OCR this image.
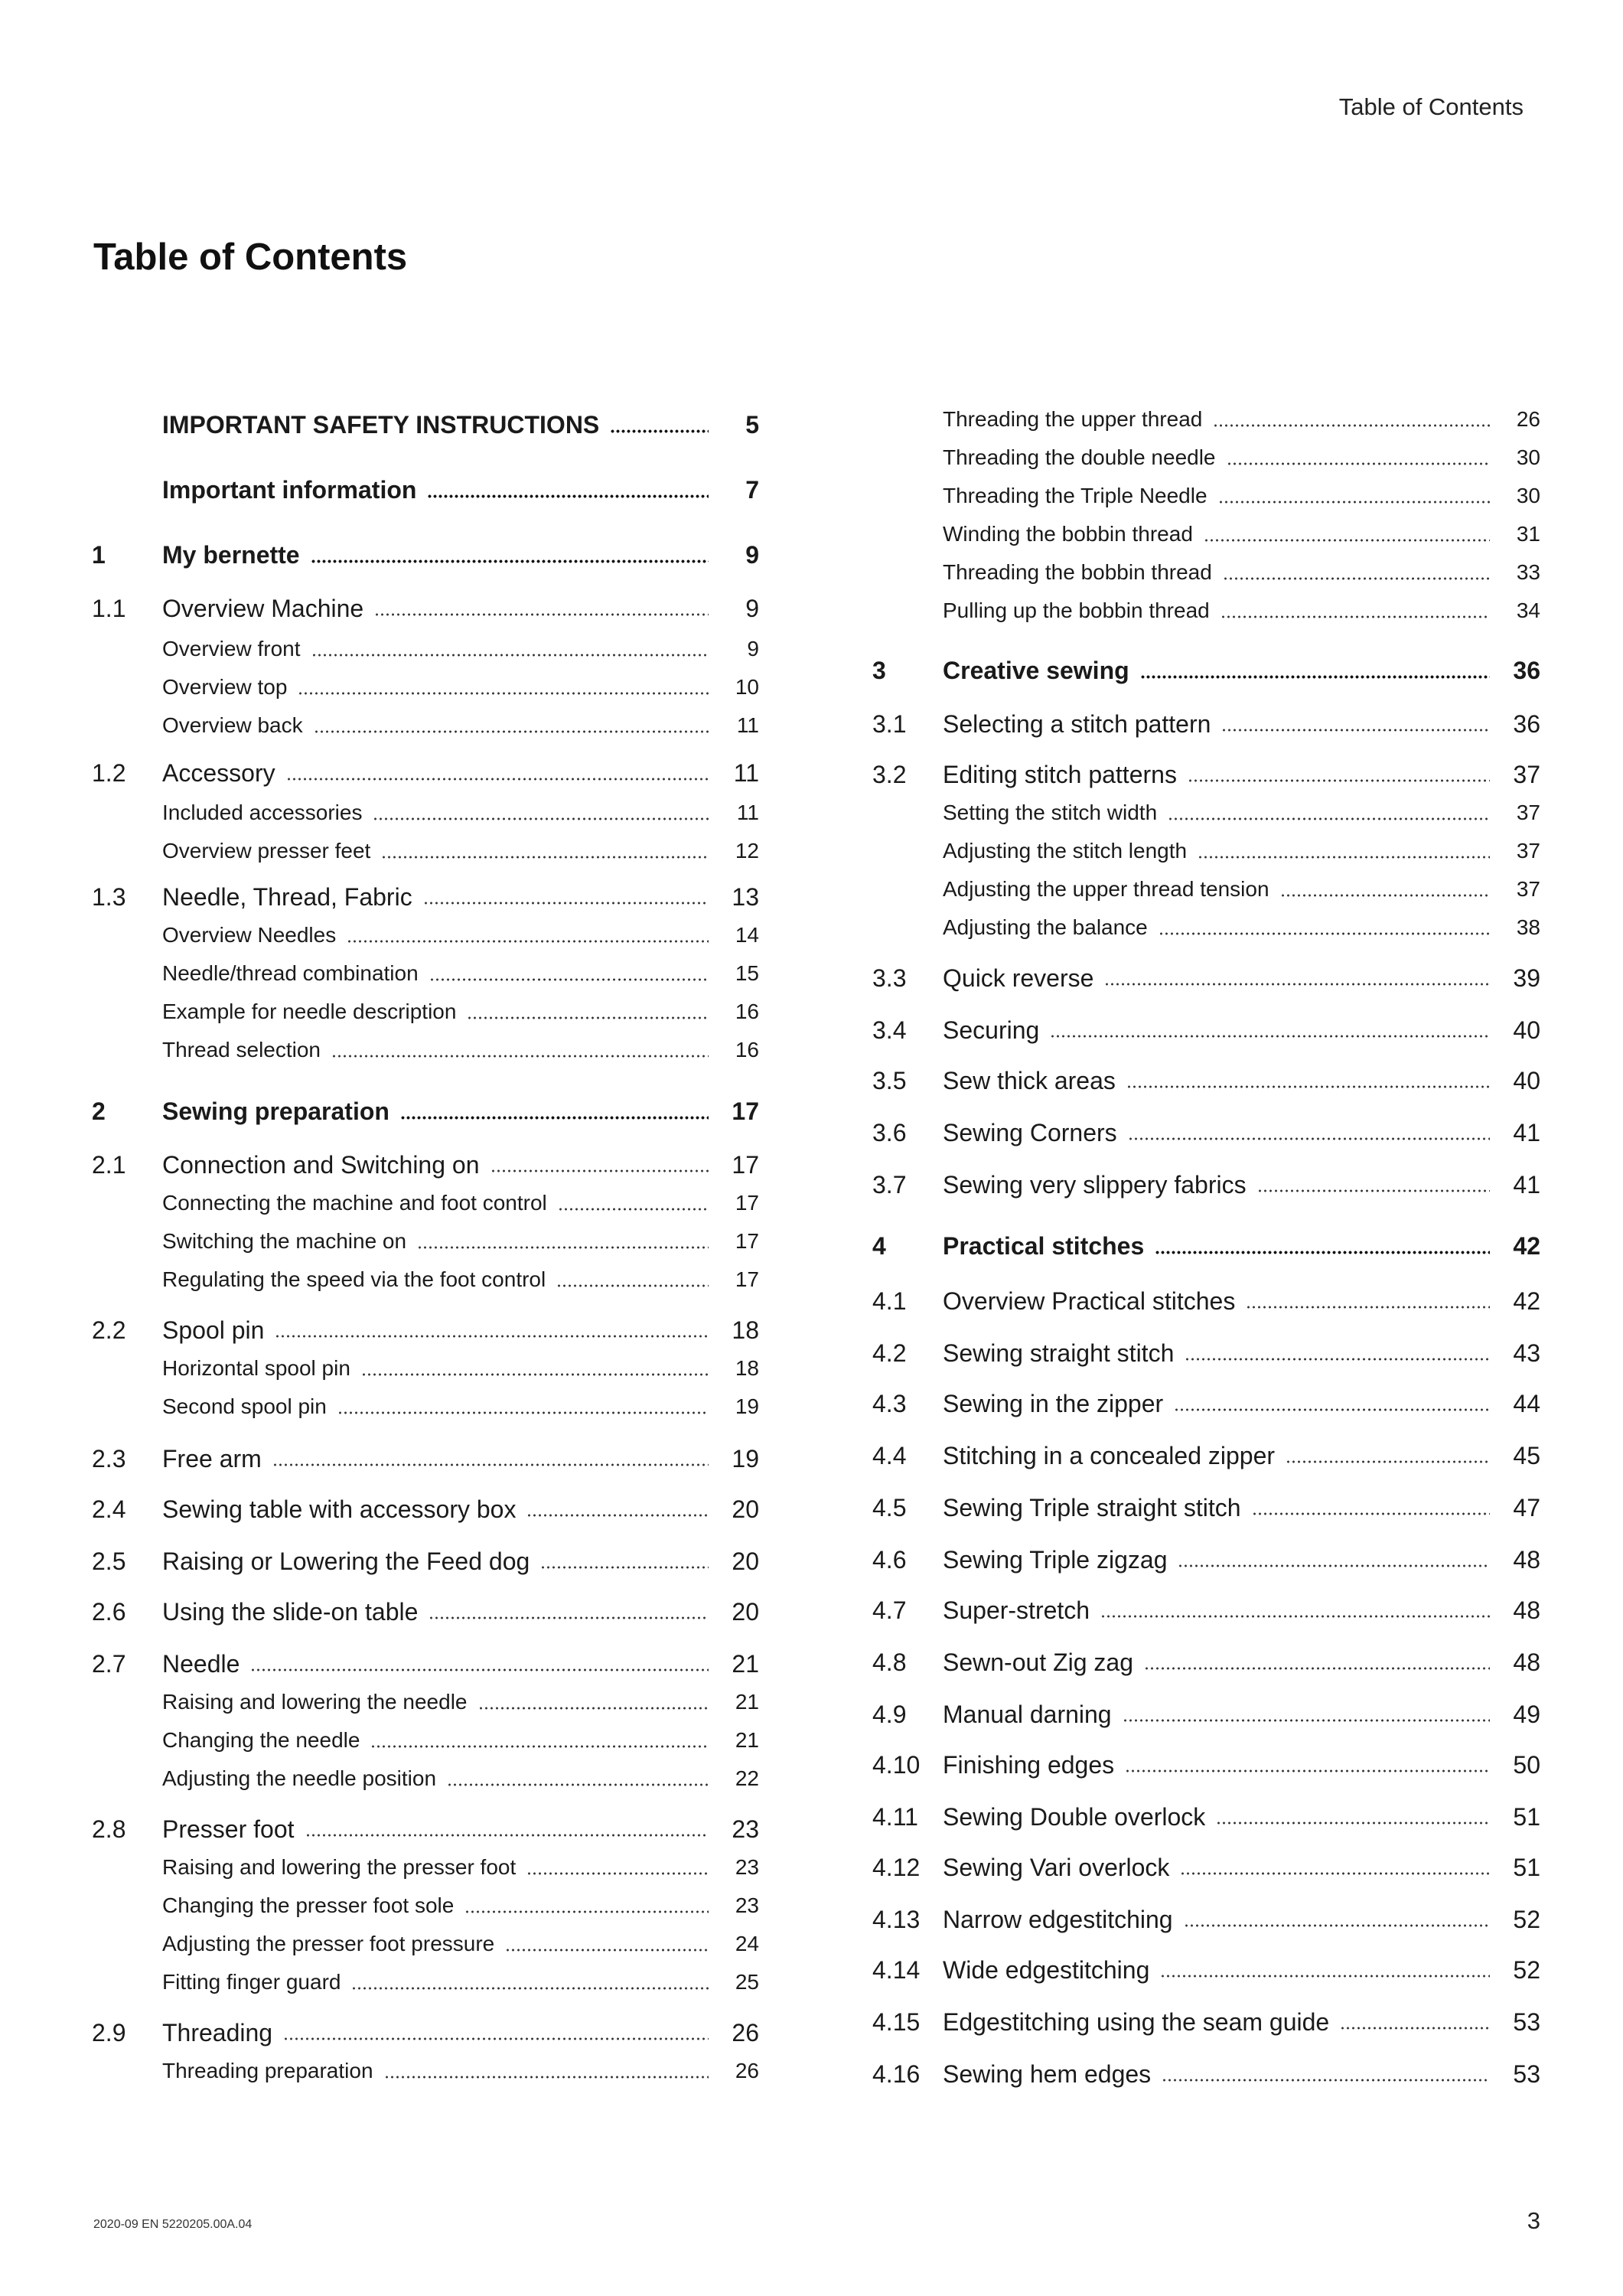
Table of Contents
Table of Contents
IMPORTANT SAFETY INSTRUCTIONS	5
Important information	7
1	My bernette	9
1.1	Overview Machine	9
Overview front	9
Overview top	10
Overview back	11
1.2	Accessory	11
Included accessories	11
Overview presser feet	12
1.3	Needle, Thread, Fabric	13
Overview Needles	14
Needle/thread combination	15
Example for needle description	16
Thread selection	16
2	Sewing preparation	17
2.1	Connection and Switching on	17
Connecting the machine and foot control	17
Switching the machine on	17
Regulating the speed via the foot control	17
2.2	Spool pin	18
Horizontal spool pin	18
Second spool pin	19
2.3	Free arm	19
2.4	Sewing table with accessory box	20
2.5	Raising or Lowering the Feed dog	20
2.6	Using the slide-on table	20
2.7	Needle	21
Raising and lowering the needle	21
Changing the needle	21
Adjusting the needle position	22
2.8	Presser foot	23
Raising and lowering the presser foot	23
Changing the presser foot sole	23
Adjusting the presser foot pressure	24
Fitting finger guard	25
2.9	Threading	26
Threading preparation	26
Threading the upper thread	26
Threading the double needle	30
Threading the Triple Needle	30
Winding the bobbin thread	31
Threading the bobbin thread	33
Pulling up the bobbin thread	34
3	Creative sewing	36
3.1	Selecting a stitch pattern	36
3.2	Editing stitch patterns	37
Setting the stitch width	37
Adjusting the stitch length	37
Adjusting the upper thread tension	37
Adjusting the balance	38
3.3	Quick reverse	39
3.4	Securing	40
3.5	Sew thick areas	40
3.6	Sewing Corners	41
3.7	Sewing very slippery fabrics	41
4	Practical stitches	42
4.1	Overview Practical stitches	42
4.2	Sewing straight stitch	43
4.3	Sewing in the zipper	44
4.4	Stitching in a concealed zipper	45
4.5	Sewing Triple straight stitch	47
4.6	Sewing Triple zigzag	48
4.7	Super-stretch	48
4.8	Sewn-out Zig zag	48
4.9	Manual darning	49
4.10 Finishing edges	50
4.11	Sewing Double overlock	51
4.12 Sewing Vari overlock	51
4.13 Narrow edgestitching	52
4.14 Wide edgestitching	52
4.15 Edgestitching using the seam guide	53
4.16 Sewing hem edges	53
2020-09 EN 5220205.00A.04	3
